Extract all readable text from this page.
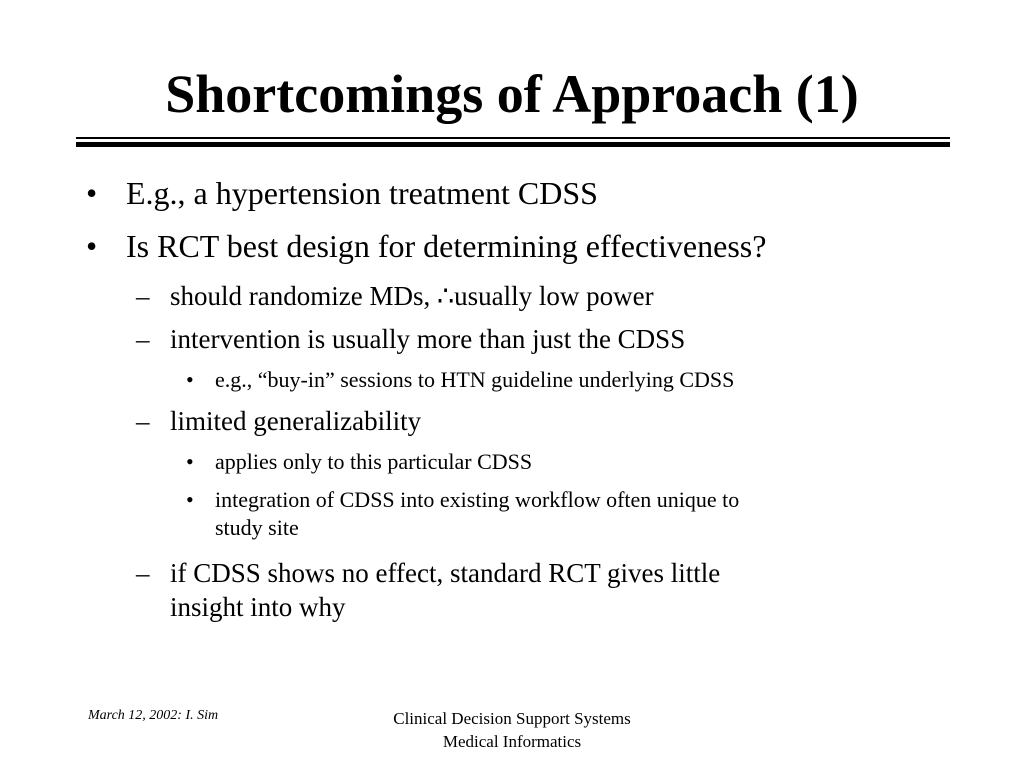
Shortcomings of Approach (1)
• E.g., a hypertension treatment CDSS
• Is RCT best design for determining effectiveness?
– should randomize MDs, ∴usually low power
– intervention is usually more than just the CDSS
• e.g., “buy-in” sessions to HTN guideline underlying CDSS
– limited generalizability
• applies only to this particular CDSS
• integration of CDSS into existing workflow often unique to
study site
– if CDSS shows no effect, standard RCT gives little
insight into why
March 12, 2002: I. Sim	Clinical Decision Support Systems
Medical Informatics
